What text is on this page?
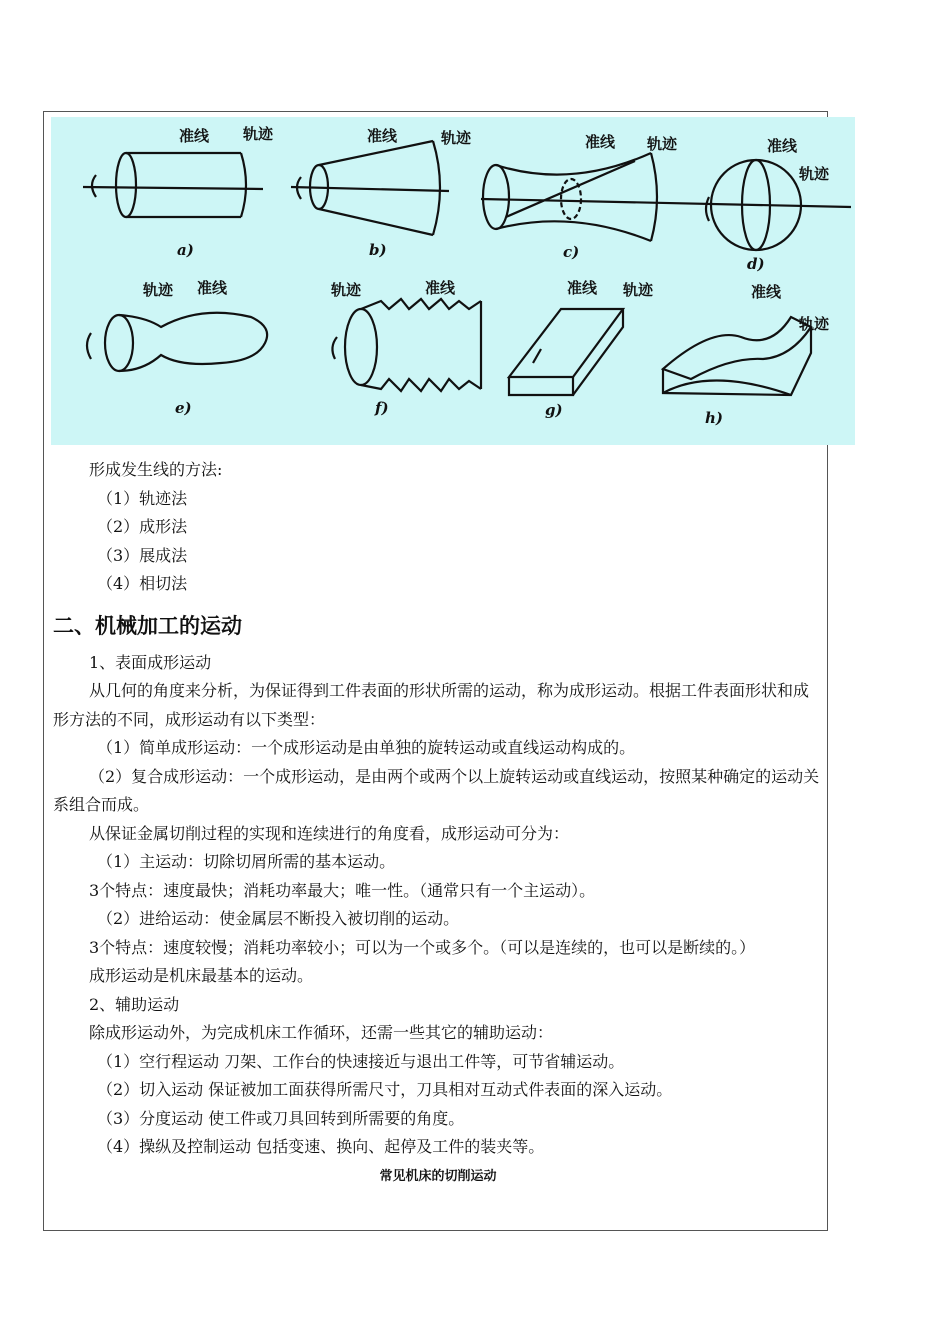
准线 轨迹	准线	轨迹	准线 轨迹	准线
轨迹
轨迹 准线	轨迹	准线	准线 轨迹	准线
轨迹
a)	b)	c)
d)
e)	f)	g)	h)

形成发生线的方法:

（1）轨迹法

（2）成形法

（3）展成法

（4）相切法

二、机械加工的运动

1、表面成形运动

从几何的角度来分析，为保证得到工件表面的形状所需的运动，称为成形运动。根据工件表面形状和成形方法的不同，成形运动有以下类型：

（1）简单成形运动：一个成形运动是由单独的旋转运动或直线运动构成的。

（2）复合成形运动：一个成形运动，是由两个或两个以上旋转运动或直线运动，按照某种确定的运动关系组合而成。

从保证金属切削过程的实现和连续进行的角度看，成形运动可分为：

（1）主运动：切除切屑所需的基本运动。

3个特点：速度最快；消耗功率最大；唯一性。（通常只有一个主运动）。

（2）进给运动：使金属层不断投入被切削的运动。

3个特点：速度较慢；消耗功率较小；可以为一个或多个。（可以是连续的，也可以是断续的。）

成形运动是机床最基本的运动。

2、辅助运动

除成形运动外，为完成机床工作循环，还需一些其它的辅助运动：

（1）空行程运动 刀架、工作台的快速接近与退出工件等，可节省辅运动。

（2）切入运动 保证被加工面获得所需尺寸，刀具相对互动式件表面的深入运动。

（3）分度运动 使工件或刀具回转到所需要的角度。

（4）操纵及控制运动 包括变速、换向、起停及工件的装夹等。

常见机床的切削运动
